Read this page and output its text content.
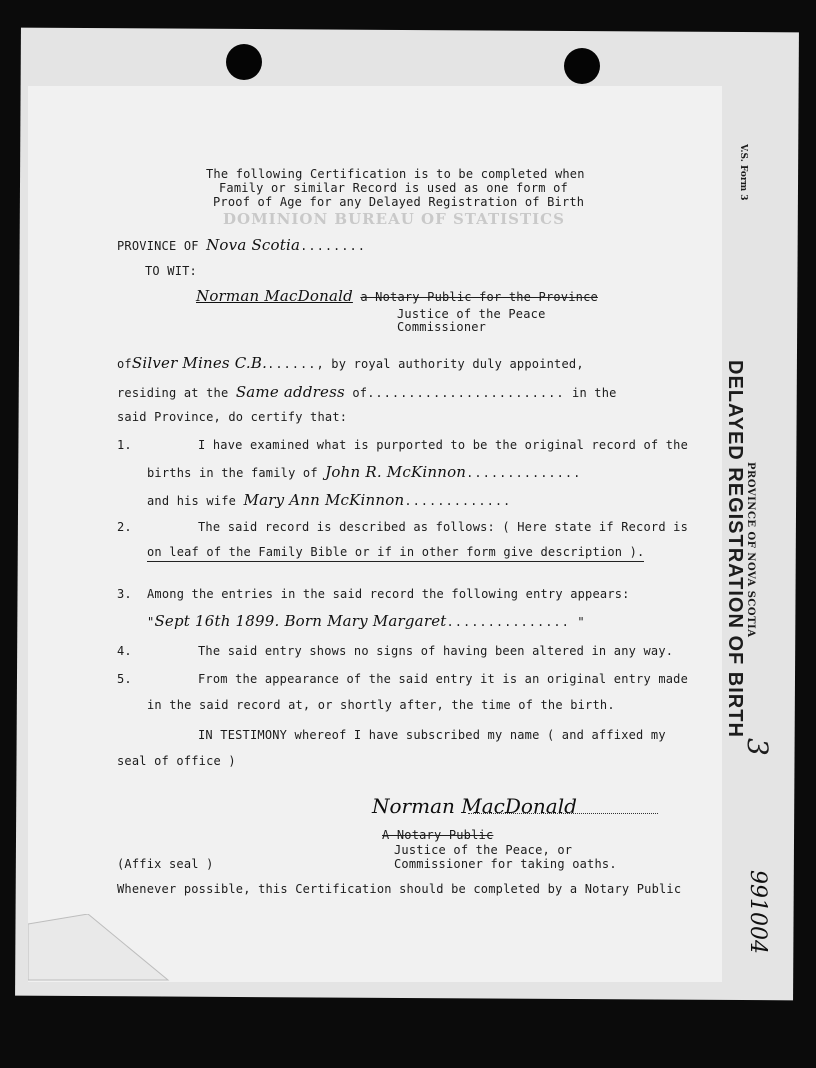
V.S. Form 3
PROVINCE OF NOVA SCOTIA
DELAYED REGISTRATION OF BIRTH
3
991004
DOMINION BUREAU OF STATISTICS
The following Certification is to be completed when
Family or similar Record is used as one form of
Proof of Age for any Delayed Registration of Birth
PROVINCE OF Nova Scotia........
TO WIT:
Norman MacDonald a Notary Public for the Province
Justice of the Peace
Commissioner
ofSilver Mines C.B......., by royal authority duly appointed,
residing at the Same address of........................ in the
said Province, do certify that:
1.	I have examined what is purported to be the original record of the
births in the family of John R. McKinnon..............
and his wife Mary Ann McKinnon.............
2.	The said record is described as follows: ( Here state if Record is
on leaf of the Family Bible or if in other form give description ).
3. Among the entries in the said record the following entry appears:
"Sept 16th 1899. Born Mary Margaret............... "
4.	The said entry shows no signs of having been altered in any way.
5.	From the appearance of the said entry it is an original entry made
in the said record at, or shortly after, the time of the birth.
IN TESTIMONY whereof I have subscribed my name ( and affixed my
seal of office )
Norman MacDonald
A Notary Public
Justice of the Peace, or
Commissioner for taking oaths.
(Affix seal )
Whenever possible, this Certification should be completed by a Notary Public
